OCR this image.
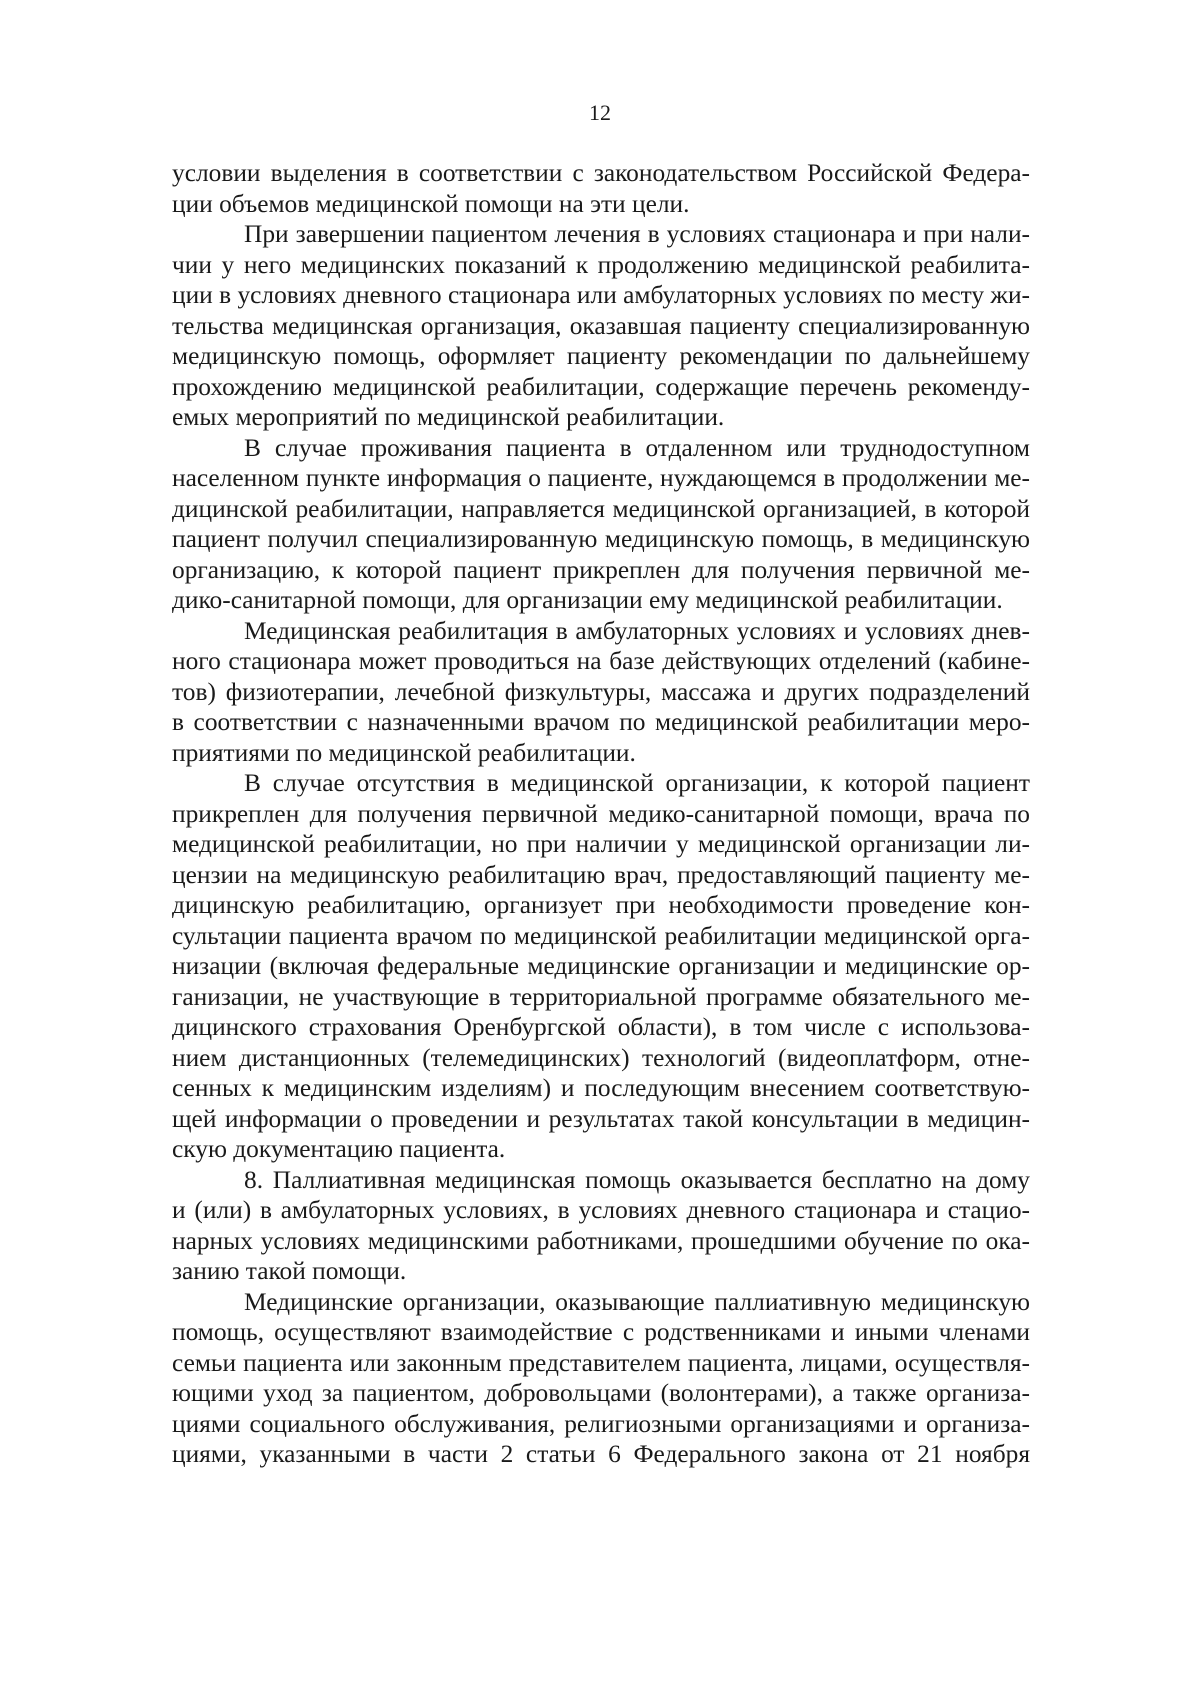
12
условии выделения в соответствии с законодательством Российской Федера-
ции объемов медицинской помощи на эти цели.
При завершении пациентом лечения в условиях стационара и при нали-
чии у него медицинских показаний к продолжению медицинской реабилита-
ции в условиях дневного стационара или амбулаторных условиях по месту жи-
тельства медицинская организация, оказавшая пациенту специализированную
медицинскую помощь, оформляет пациенту рекомендации по дальнейшему
прохождению медицинской реабилитации, содержащие перечень рекоменду-
емых мероприятий по медицинской реабилитации.
В случае проживания пациента в отдаленном или труднодоступном
населенном пункте информация о пациенте, нуждающемся в продолжении ме-
дицинской реабилитации, направляется медицинской организацией, в которой
пациент получил специализированную медицинскую помощь, в медицинскую
организацию, к которой пациент прикреплен для получения первичной ме-
дико-санитарной помощи, для организации ему медицинской реабилитации.
Медицинская реабилитация в амбулаторных условиях и условиях днев-
ного стационара может проводиться на базе действующих отделений (кабине-
тов) физиотерапии, лечебной физкультуры, массажа и других подразделений
в соответствии с назначенными врачом по медицинской реабилитации меро-
приятиями по медицинской реабилитации.
В случае отсутствия в медицинской организации, к которой пациент
прикреплен для получения первичной медико-санитарной помощи, врача по
медицинской реабилитации, но при наличии у медицинской организации ли-
цензии на медицинскую реабилитацию врач, предоставляющий пациенту ме-
дицинскую реабилитацию, организует при необходимости проведение кон-
сультации пациента врачом по медицинской реабилитации медицинской орга-
низации (включая федеральные медицинские организации и медицинские ор-
ганизации, не участвующие в территориальной программе обязательного ме-
дицинского страхования Оренбургской области), в том числе с использова-
нием дистанционных (телемедицинских) технологий (видеоплатформ, отне-
сенных к медицинским изделиям) и последующим внесением соответствую-
щей информации о проведении и результатах такой консультации в медицин-
скую документацию пациента.
8. Паллиативная медицинская помощь оказывается бесплатно на дому
и (или) в амбулаторных условиях, в условиях дневного стационара и стацио-
нарных условиях медицинскими работниками, прошедшими обучение по ока-
занию такой помощи.
Медицинские организации, оказывающие паллиативную медицинскую
помощь, осуществляют взаимодействие с родственниками и иными членами
семьи пациента или законным представителем пациента, лицами, осуществля-
ющими уход за пациентом, добровольцами (волонтерами), а также организа-
циями социального обслуживания, религиозными организациями и организа-
циями, указанными в части 2 статьи 6 Федерального закона от 21 ноября
